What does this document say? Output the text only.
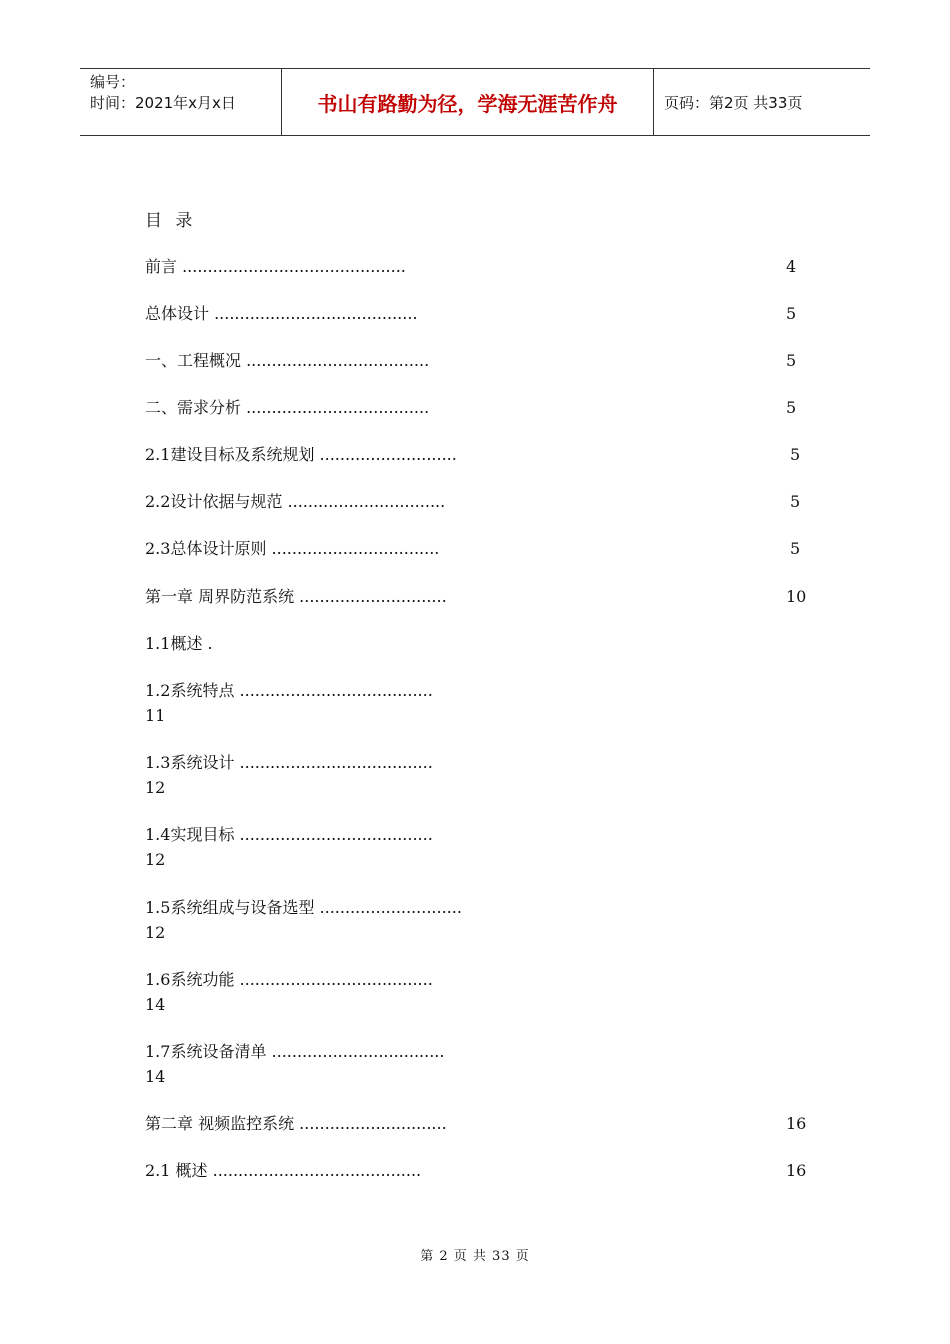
编号：
时间：2021年x月x日	书山有路勤为径，学海无涯苦作舟	页码：第2页 共33页
目 录
前言 ............................................	4
总体设计 ........................................	5
一、工程概况 ....................................	5
二、需求分析 ....................................	5
2.1建设目标及系统规划 ...........................	5
2.2设计依据与规范 ...............................	5
2.3总体设计原则 .................................	5
第一章 周界防范系统 .............................	10
1.1概述 .
1.2系统特点 ......................................
11
1.3系统设计 ......................................
12
1.4实现目标 ......................................
12
1.5系统组成与设备选型 ............................
12
1.6系统功能 ......................................
14
1.7系统设备清单 ..................................
14
第二章 视频监控系统 .............................	16
2.1 概述 .........................................	16
第 2 页 共 33 页
